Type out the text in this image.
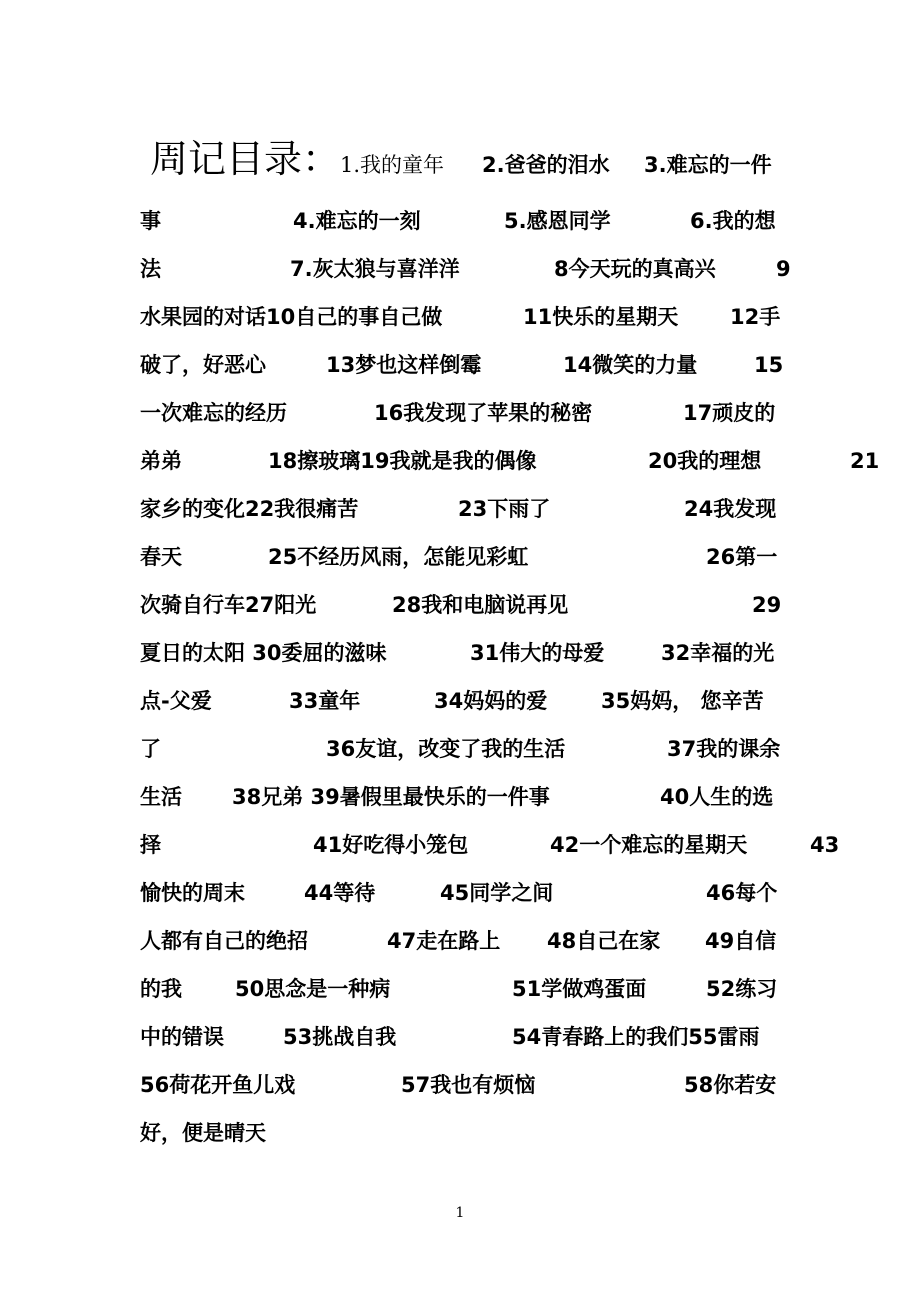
周记目录： 1.我的童年 2.爸爸的泪水 3.难忘的一件
事	4.难忘的一刻	5.感恩同学	6.我的想
法	7.灰太狼与喜洋洋	8今天玩的真高兴	9
水果园的对话10自己的事自己做	11快乐的星期天 12手
破了，好恶心	13梦也这样倒霉	14微笑的力量	15
一次难忘的经历	16我发现了苹果的秘密	17顽皮的
弟弟	18擦玻璃19我就是我的偶像	20我的理想	21
家乡的变化22我很痛苦	23下雨了	24我发现
春天	25不经历风雨，怎能见彩虹	26第一
次骑自行车27阳光	28我和电脑说再见	29
夏日的太阳 30委屈的滋味	31伟大的母爱	32幸福的光
点-父爱	33童年	34妈妈的爱	35妈妈， 您辛苦
了	36友谊，改变了我的生活	37我的课余
生活 38兄弟 39暑假里最快乐的一件事	40人生的选
择	41好吃得小笼包	42一个难忘的星期天	43
愉快的周末	44等待	45同学之间	46每个
人都有自己的绝招	47走在路上 48自己在家 49自信
的我	50思念是一种病	51学做鸡蛋面	52练习
中的错误	53挑战自我	54青春路上的我们55雷雨
56荷花开鱼儿戏	57我也有烦恼	58你若安
好，便是晴天
1
